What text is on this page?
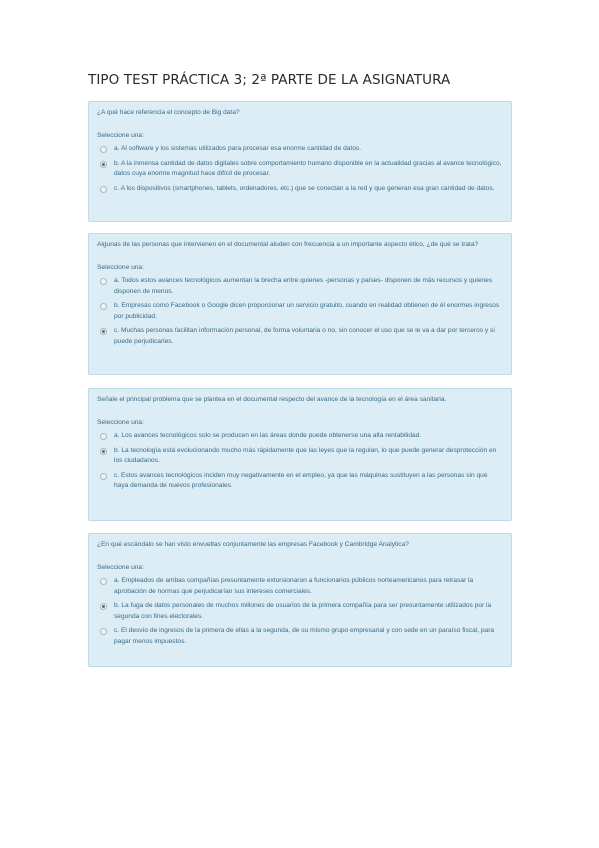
TIPO TEST PRÁCTICA 3; 2ª PARTE DE LA ASIGNATURA
¿A qué hace referencia el concepto de Big data?
Seleccione una:
a. Al software y los sistemas utilizados para procesar esa enorme cantidad de datos.
b. A la inmensa cantidad de datos digitales sobre comportamiento humano disponible en la actualidad gracias al avance tecnológico, datos cuya enorme magnitud hace difícil de procesar.
c. A los dispositivos (smartphones, tablets, ordenadores, etc.) que se conectan a la red y que generan esa gran cantidad de datos.
Algunas de las personas que intervienen en el documental aluden con frecuencia a un importante aspecto ético, ¿de qué se trata?
Seleccione una:
a. Todos estos avances tecnológicos aumentan la brecha entre quienes -personas y países- disponen de más recursos y quienes disponen de menos.
b. Empresas como Facebook o Google dicen proporcionar un servicio gratuito, cuando en realidad obtienen de él enormes ingresos por publicidad.
c. Muchas personas facilitan información personal, de forma voluntaria o no, sin conocer el uso que se le va a dar por terceros y si puede perjudicarles.
Señale el principal problema que se plantea en el documental respecto del avance de la tecnología en el área sanitaria.
Seleccione una:
a. Los avances tecnológicos solo se producen en las áreas donde puede obtenerse una alta rentabilidad.
b. La tecnología está evolucionando mucho más rápidamente que las leyes que la regulan, lo que puede generar desprotección en los ciudadanos.
c. Estos avances tecnológicos inciden muy negativamente en el empleo, ya que las máquinas sustituyen a las personas sin que haya demanda de nuevos profesionales.
¿En qué escándalo se han visto envueltas conjuntamente las empresas Facebook y Cambridge Analytica?
Seleccione una:
a. Empleados de ambas compañías presuntamente extorsionaron a funcionarios públicos norteamericanos para retrasar la aprobación de normas que perjudicarían sus intereses comerciales.
b. La fuga de datos personales de muchos millones de usuarios de la primera compañía para ser presuntamente utilizados por la segunda con fines electorales.
c. El desvío de ingresos de la primera de ellas a la segunda, de su mismo grupo empresarial y con sede en un paraíso fiscal, para pagar menos impuestos.
